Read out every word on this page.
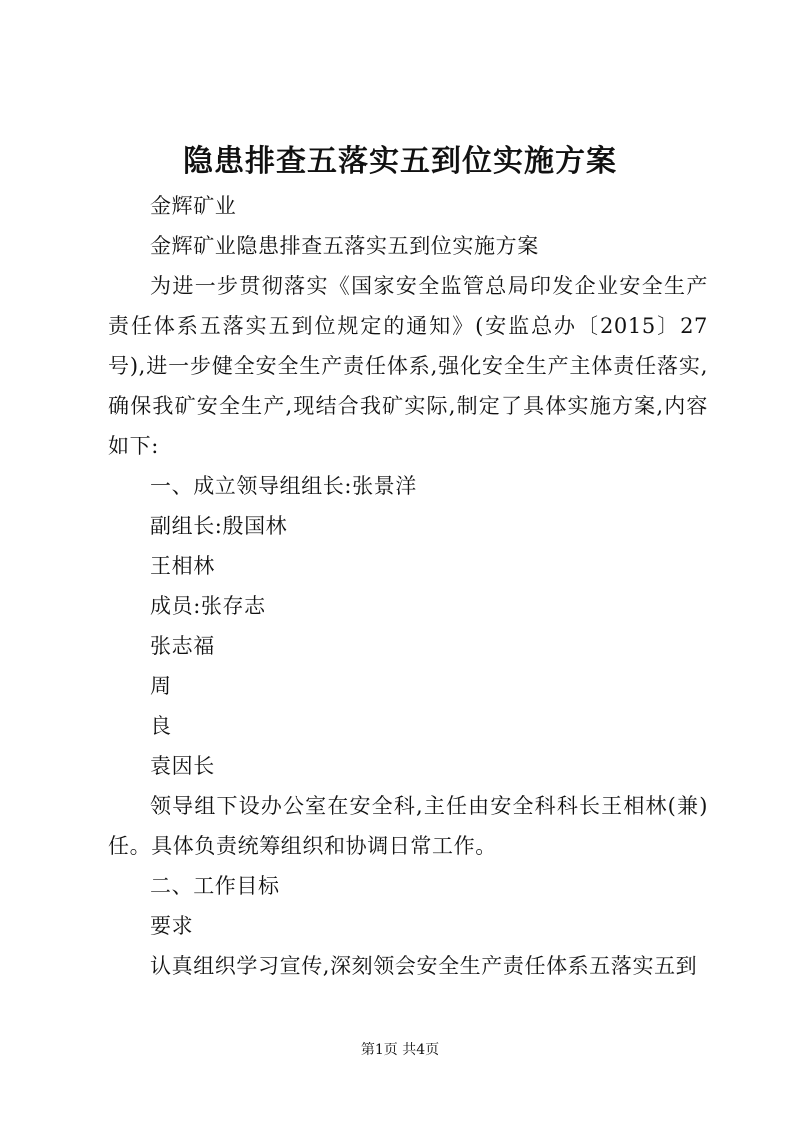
隐患排查五落实五到位实施方案

金辉矿业

金辉矿业隐患排查五落实五到位实施方案

为进一步贯彻落实《国家安全监管总局印发企业安全生产责任体系五落实五到位规定的通知》(安监总办〔2015〕27号),进一步健全安全生产责任体系,强化安全生产主体责任落实,确保我矿安全生产,现结合我矿实际,制定了具体实施方案,内容如下:

一、成立领导组组长:张景洋

副组长:殷国林

王相林

成员:张存志

张志福

周

良

袁因长

领导组下设办公室在安全科,主任由安全科科长王相林(兼)任。具体负责统筹组织和协调日常工作。

二、工作目标

要求

认真组织学习宣传,深刻领会安全生产责任体系五落实五到

第1页 共4页
